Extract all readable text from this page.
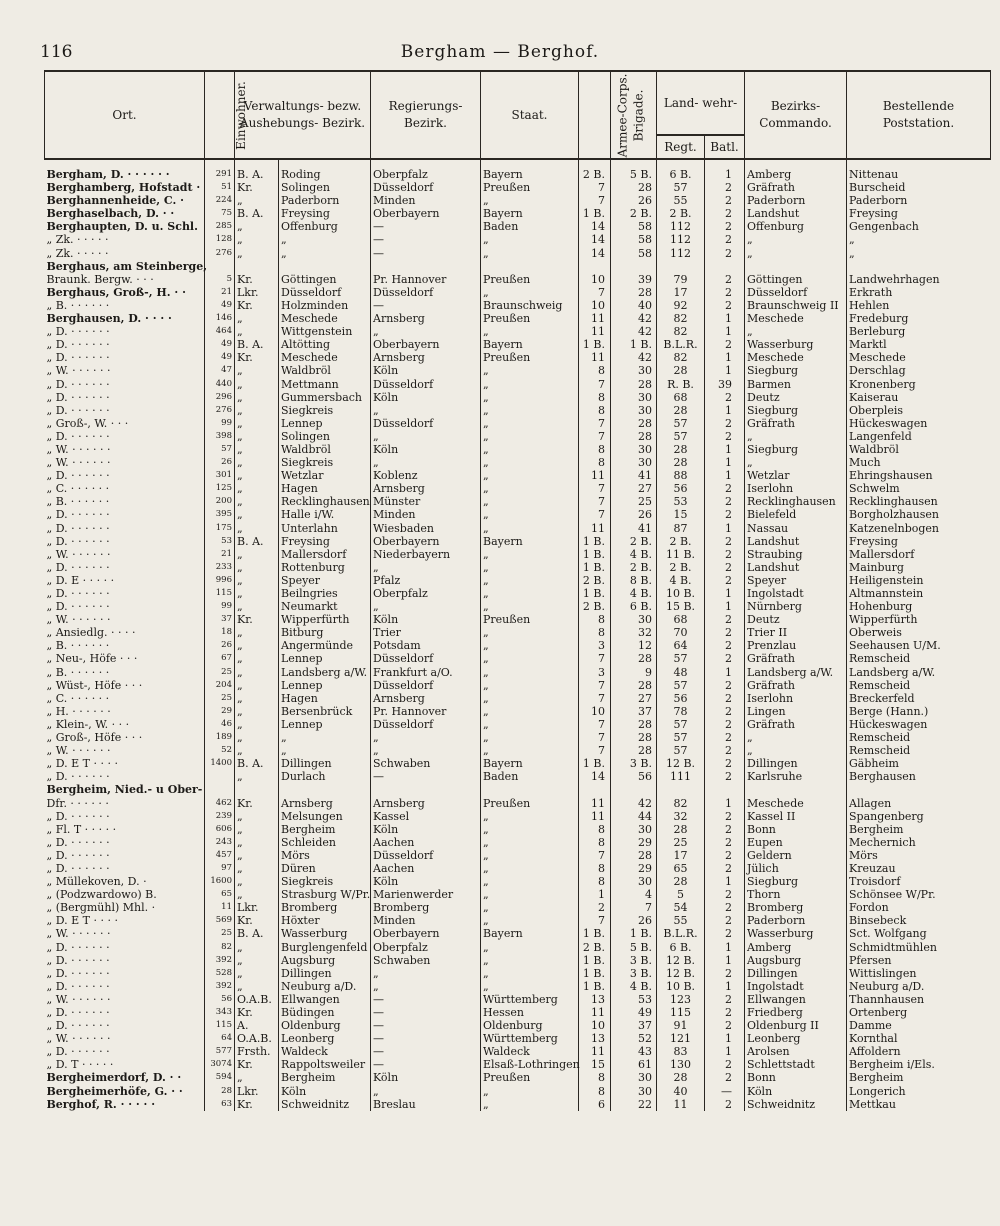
116	Bergham — Berghof.
Ort.	Einwohner.	Verwaltungs- bezw. Aushebungs- Bezirk.		Regierungs- Bezirk.	Staat.	Armee-Corps.	Brigade.	Land- wehr-		Bezirks- Commando.	Bestellende Poststation.
								Regt.	Batl.		
Bergham, D. · · · · · ·	291	B. A.	Roding	Oberpfalz	Bayern	2 B.	5 B.	6 B.	1	Amberg	Nittenau
Berghamberg, Hofstadt ·	51	Kr.	Solingen	Düsseldorf	Preußen	7	28	57	2	Gräfrath	Burscheid
Berghannenheide, C. ·	224	„	Paderborn	Minden	„	7	26	55	2	Paderborn	Paderborn
Berghaselbach, D. · ·	75	B. A.	Freysing	Oberbayern	Bayern	1 B.	2 B.	2 B.	2	Landshut	Freysing
Berghaupten, D. u. Schl.	285	„	Offenburg	—	Baden	14	58	112	2	Offenburg	Gengenbach
„ Zk. · · · · ·	128	„	„	—	„	14	58	112	2	„	„
„ Zk. · · · · ·	276	„	„	—	„	14	58	112	2	„	„
Berghaus, am Steinberge,											
Braunk. Bergw. · · ·	5	Kr.	Göttingen	Pr. Hannover	Preußen	10	39	79	2	Göttingen	Landwehrhagen
Berghaus, Groß-, H. · ·	21	Lkr.	Düsseldorf	Düsseldorf	„	7	28	17	2	Düsseldorf	Erkrath
„ B. · · · · · ·	49	Kr.	Holzminden	—	Braunschweig	10	40	92	2	Braunschweig II	Hehlen
Berghausen, D. · · · ·	146	„	Meschede	Arnsberg	Preußen	11	42	82	1	Meschede	Fredeburg
„ D. · · · · · ·	464	„	Wittgenstein	„	„	11	42	82	1	„	Berleburg
„ D. · · · · · ·	49	B. A.	Altötting	Oberbayern	Bayern	1 B.	1 B.	B.L.R.	2	Wasserburg	Marktl
„ D. · · · · · ·	49	Kr.	Meschede	Arnsberg	Preußen	11	42	82	1	Meschede	Meschede
„ W. · · · · · ·	47	„	Waldbröl	Köln	„	8	30	28	1	Siegburg	Derschlag
„ D. · · · · · ·	440	„	Mettmann	Düsseldorf	„	7	28	R. B.	39	Barmen	Kronenberg
„ D. · · · · · ·	296	„	Gummersbach	Köln	„	8	30	68	2	Deutz	Kaiserau
„ D. · · · · · ·	276	„	Siegkreis	„	„	8	30	28	1	Siegburg	Oberpleis
„ Groß-, W. · · ·	99	„	Lennep	Düsseldorf	„	7	28	57	2	Gräfrath	Hückeswagen
„ D. · · · · · ·	398	„	Solingen	„	„	7	28	57	2	„	Langenfeld
„ W. · · · · · ·	57	„	Waldbröl	Köln	„	8	30	28	1	Siegburg	Waldbröl
„ W. · · · · · ·	26	„	Siegkreis	„	„	8	30	28	1	„	Much
„ D. · · · · · ·	301	„	Wetzlar	Koblenz	„	11	41	88	1	Wetzlar	Ehringshausen
„ C. · · · · · ·	125	„	Hagen	Arnsberg	„	7	27	56	2	Iserlohn	Schwelm
„ B. · · · · · ·	200	„	Recklinghausen	Münster	„	7	25	53	2	Recklinghausen	Recklinghausen
„ D. · · · · · ·	395	„	Halle i/W.	Minden	„	7	26	15	2	Bielefeld	Borgholzhausen
„ D. · · · · · ·	175	„	Unterlahn	Wiesbaden	„	11	41	87	1	Nassau	Katzenelnbogen
„ D. · · · · · ·	53	B. A.	Freysing	Oberbayern	Bayern	1 B.	2 B.	2 B.	2	Landshut	Freysing
„ W. · · · · · ·	21	„	Mallersdorf	Niederbayern	„	1 B.	4 B.	11 B.	2	Straubing	Mallersdorf
„ D. · · · · · ·	233	„	Rottenburg	„	„	1 B.	2 B.	2 B.	2	Landshut	Mainburg
„ D. E · · · · ·	996	„	Speyer	Pfalz	„	2 B.	8 B.	4 B.	2	Speyer	Heiligenstein
„ D. · · · · · ·	115	„	Beilngries	Oberpfalz	„	1 B.	4 B.	10 B.	1	Ingolstadt	Altmannstein
„ D. · · · · · ·	99	„	Neumarkt	„	„	2 B.	6 B.	15 B.	1	Nürnberg	Hohenburg
„ W. · · · · · ·	37	Kr.	Wipperfürth	Köln	Preußen	8	30	68	2	Deutz	Wipperfürth
„ Ansiedlg. · · · ·	18	„	Bitburg	Trier	„	8	32	70	2	Trier II	Oberweis
„ B. · · · · · ·	26	„	Angermünde	Potsdam	„	3	12	64	2	Prenzlau	Seehausen U/M.
„ Neu-, Höfe · · ·	67	„	Lennep	Düsseldorf	„	7	28	57	2	Gräfrath	Remscheid
„ B. · · · · · ·	25	„	Landsberg a/W.	Frankfurt a/O.	„	3	9	48	1	Landsberg a/W.	Landsberg a/W.
„ Wüst-, Höfe · · ·	204	„	Lennep	Düsseldorf	„	7	28	57	2	Gräfrath	Remscheid
„ C. · · · · · ·	25	„	Hagen	Arnsberg	„	7	27	56	2	Iserlohn	Breckerfeld
„ H. · · · · · ·	29	„	Bersenbrück	Pr. Hannover	„	10	37	78	2	Lingen	Berge (Hann.)
„ Klein-, W. · · ·	46	„	Lennep	Düsseldorf	„	7	28	57	2	Gräfrath	Hückeswagen
„ Groß-, Höfe · · ·	189	„	„	„	„	7	28	57	2	„	Remscheid
„ W. · · · · · ·	52	„	„	„	„	7	28	57	2	„	Remscheid
„ D. E T · · · ·	1400	B. A.	Dillingen	Schwaben	Bayern	1 B.	3 B.	12 B.	2	Dillingen	Gäbheim
„ D. · · · · · ·		„	Durlach	—	Baden	14	56	111	2	Karlsruhe	Berghausen
Bergheim, Nied.- u Ober-											
Dfr. · · · · · ·	462	Kr.	Arnsberg	Arnsberg	Preußen	11	42	82	1	Meschede	Allagen
„ D. · · · · · ·	239	„	Melsungen	Kassel	„	11	44	32	2	Kassel II	Spangenberg
„ Fl. T · · · · ·	606	„	Bergheim	Köln	„	8	30	28	2	Bonn	Bergheim
„ D. · · · · · ·	243	„	Schleiden	Aachen	„	8	29	25	2	Eupen	Mechernich
„ D. · · · · · ·	457	„	Mörs	Düsseldorf	„	7	28	17	2	Geldern	Mörs
„ D. · · · · · ·	97	„	Düren	Aachen	„	8	29	65	2	Jülich	Kreuzau
„ Müllekoven, D. ·	1600	„	Siegkreis	Köln	„	8	30	28	1	Siegburg	Troisdorf
„ (Podzwardowo) B.	65	„	Strasburg W/Pr.	Marienwerder	„	1	4	5	2	Thorn	Schönsee W/Pr.
„ (Bergmühl) Mhl. ·	11	Lkr.	Bromberg	Bromberg	„	2	7	54	2	Bromberg	Fordon
„ D. E T · · · ·	569	Kr.	Höxter	Minden	„	7	26	55	2	Paderborn	Binsebeck
„ W. · · · · · ·	25	B. A.	Wasserburg	Oberbayern	Bayern	1 B.	1 B.	B.L.R.	2	Wasserburg	Sct. Wolfgang
„ D. · · · · · ·	82	„	Burglengenfeld	Oberpfalz	„	2 B.	5 B.	6 B.	1	Amberg	Schmidtmühlen
„ D. · · · · · ·	392	„	Augsburg	Schwaben	„	1 B.	3 B.	12 B.	1	Augsburg	Pfersen
„ D. · · · · · ·	528	„	Dillingen	„	„	1 B.	3 B.	12 B.	2	Dillingen	Wittislingen
„ D. · · · · · ·	392	„	Neuburg a/D.	„	„	1 B.	4 B.	10 B.	1	Ingolstadt	Neuburg a/D.
„ W. · · · · · ·	56	O.A.B.	Ellwangen	—	Württemberg	13	53	123	2	Ellwangen	Thannhausen
„ D. · · · · · ·	343	Kr.	Büdingen	—	Hessen	11	49	115	2	Friedberg	Ortenberg
„ D. · · · · · ·	115	A.	Oldenburg	—	Oldenburg	10	37	91	2	Oldenburg II	Damme
„ W. · · · · · ·	64	O.A.B.	Leonberg	—	Württemberg	13	52	121	1	Leonberg	Kornthal
„ D. · · · · · ·	577	Frsth.	Waldeck	—	Waldeck	11	43	83	1	Arolsen	Affoldern
„ D. T · · · · ·	3074	Kr.	Rappoltsweiler	—	Elsaß-Lothringen	15	61	130	2	Schlettstadt	Bergheim i/Els.
Bergheimerdorf, D. · ·	594	„	Bergheim	Köln	Preußen	8	30	28	2	Bonn	Bergheim
Bergheimerhöfe, G. · ·	28	Lkr.	Köln	„	„	8	30	40	—	Köln	Longerich
Berghof, R. · · · · ·	63	Kr.	Schweidnitz	Breslau	„	6	22	11	2	Schweidnitz	Mettkau
